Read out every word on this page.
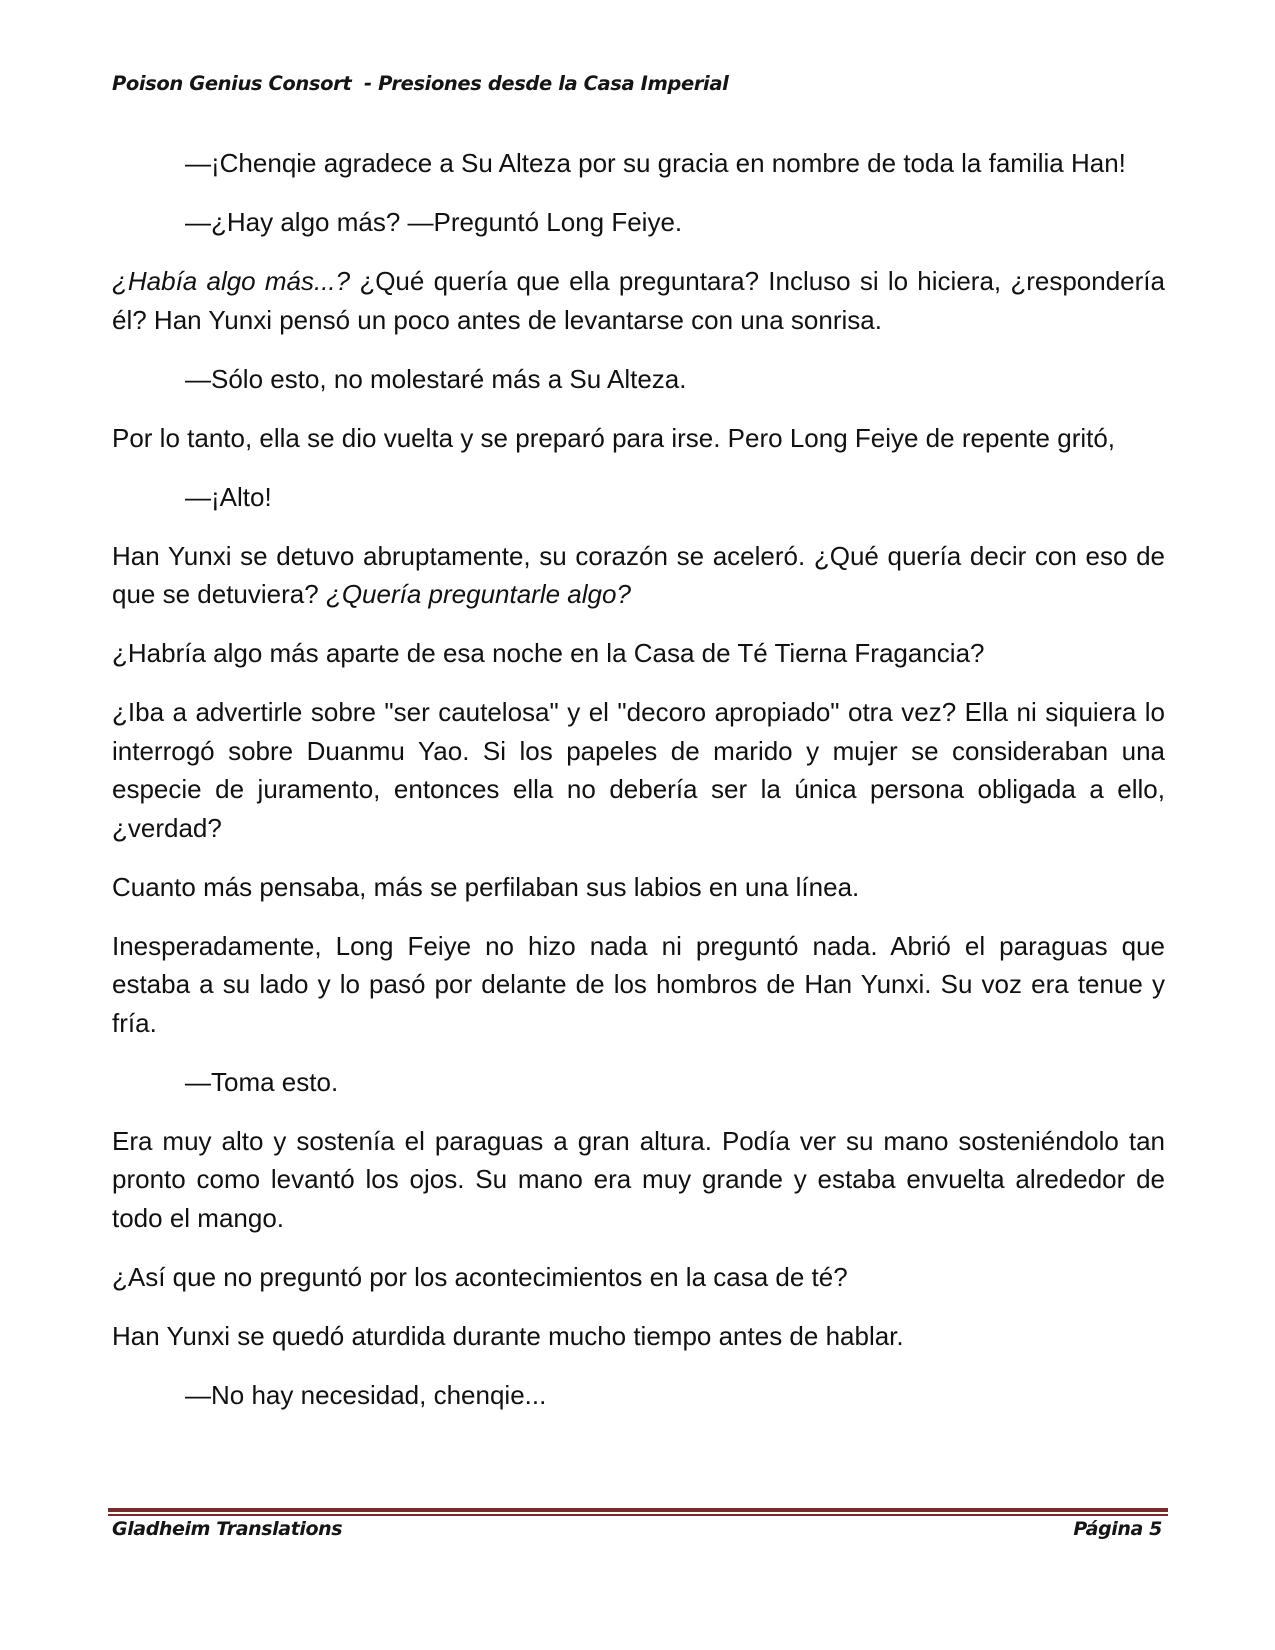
Poison Genius Consort  - Presiones desde la Casa Imperial

—¡Chenqie agradece a Su Alteza por su gracia en nombre de toda la familia Han!

—¿Hay algo más? —Preguntó Long Feiye.

¿Había algo más...? ¿Qué quería que ella preguntara? Incluso si lo hiciera, ¿respondería él? Han Yunxi pensó un poco antes de levantarse con una sonrisa.

—Sólo esto, no molestaré más a Su Alteza.

Por lo tanto, ella se dio vuelta y se preparó para irse. Pero Long Feiye de repente gritó,

—¡Alto!

Han Yunxi se detuvo abruptamente, su corazón se aceleró. ¿Qué quería decir con eso de que se detuviera? ¿Quería preguntarle algo?

¿Habría algo más aparte de esa noche en la Casa de Té Tierna Fragancia?

¿Iba a advertirle sobre "ser cautelosa" y el "decoro apropiado" otra vez? Ella ni siquiera lo interrogó sobre Duanmu Yao. Si los papeles de marido y mujer se consideraban una especie de juramento, entonces ella no debería ser la única persona obligada a ello, ¿verdad?

Cuanto más pensaba, más se perfilaban sus labios en una línea.

Inesperadamente, Long Feiye no hizo nada ni preguntó nada. Abrió el paraguas que estaba a su lado y lo pasó por delante de los hombros de Han Yunxi. Su voz era tenue y fría.

—Toma esto.

Era muy alto y sostenía el paraguas a gran altura. Podía ver su mano sosteniéndolo tan pronto como levantó los ojos. Su mano era muy grande y estaba envuelta alrededor de todo el mango.

¿Así que no preguntó por los acontecimientos en la casa de té?

Han Yunxi se quedó aturdida durante mucho tiempo antes de hablar.

—No hay necesidad, chenqie...

Gladheim Translations	Página 5
